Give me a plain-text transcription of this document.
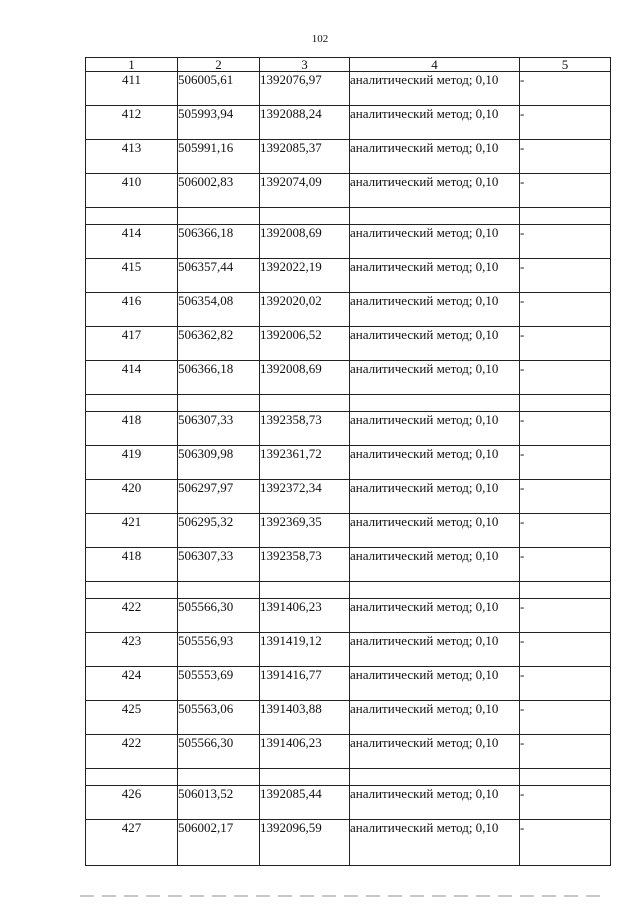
102
1	2	3	4	5
411	506005,61	1392076,97	аналитический метод; 0,10	-
412	505993,94	1392088,24	аналитический метод; 0,10	-
413	505991,16	1392085,37	аналитический метод; 0,10	-
410	506002,83	1392074,09	аналитический метод; 0,10	-

414	506366,18	1392008,69	аналитический метод; 0,10	-
415	506357,44	1392022,19	аналитический метод; 0,10	-
416	506354,08	1392020,02	аналитический метод; 0,10	-
417	506362,82	1392006,52	аналитический метод; 0,10	-
414	506366,18	1392008,69	аналитический метод; 0,10	-

418	506307,33	1392358,73	аналитический метод; 0,10	-
419	506309,98	1392361,72	аналитический метод; 0,10	-
420	506297,97	1392372,34	аналитический метод; 0,10	-
421	506295,32	1392369,35	аналитический метод; 0,10	-
418	506307,33	1392358,73	аналитический метод; 0,10	-

422	505566,30	1391406,23	аналитический метод; 0,10	-
423	505556,93	1391419,12	аналитический метод; 0,10	-
424	505553,69	1391416,77	аналитический метод; 0,10	-
425	505563,06	1391403,88	аналитический метод; 0,10	-
422	505566,30	1391406,23	аналитический метод; 0,10	-

426	506013,52	1392085,44	аналитический метод; 0,10	-
427	506002,17	1392096,59	аналитический метод; 0,10	-
